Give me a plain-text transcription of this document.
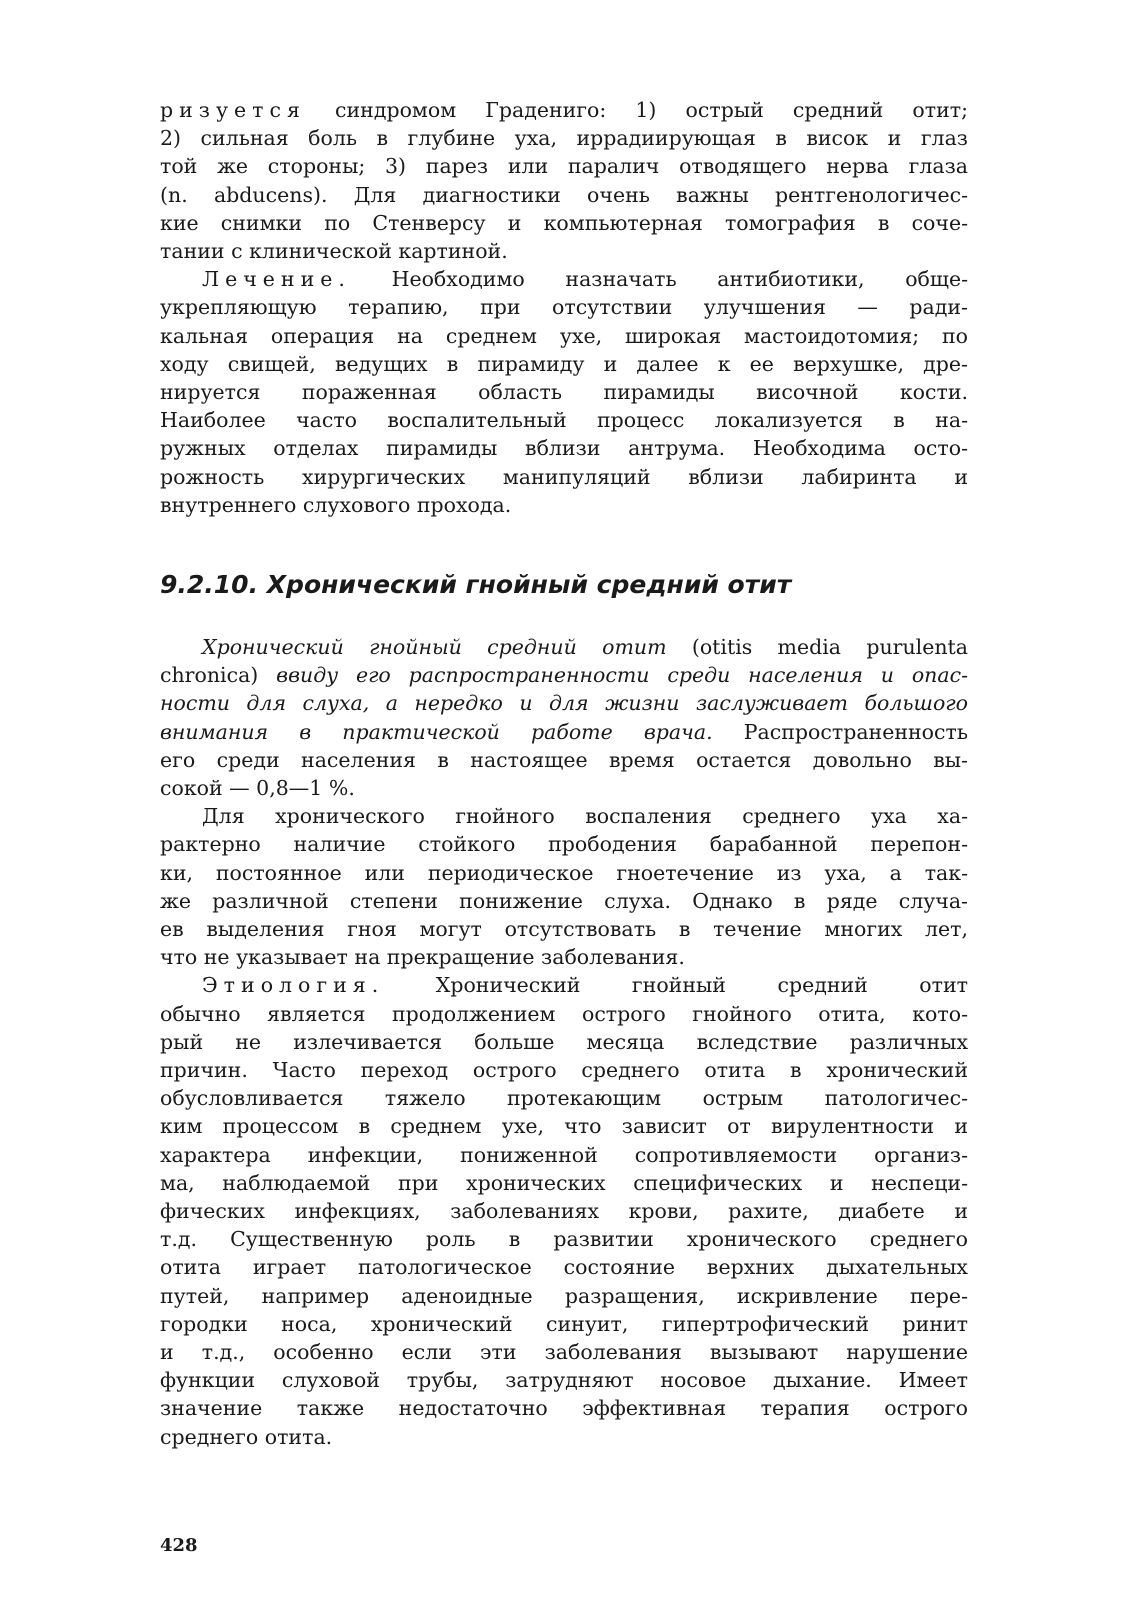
ризуется синдромом Градениго: 1) острый средний отит;
2) сильная боль в глубине уха, иррадиирующая в висок и глаз
той же стороны; 3) парез или паралич отводящего нерва глаза
(n. abducens). Для диагностики очень важны рентгенологичес-
кие снимки по Стенверсу и компьютерная томография в соче-
тании с клинической картиной.
Лечение. Необходимо назначать антибиотики, обще-
укрепляющую терапию, при отсутствии улучшения — ради-
кальная операция на среднем ухе, широкая мастоидотомия; по
ходу свищей, ведущих в пирамиду и далее к ее верхушке, дре-
нируется пораженная область пирамиды височной кости.
Наиболее часто воспалительный процесс локализуется в на-
ружных отделах пирамиды вблизи антрума. Необходима осто-
рожность хирургических манипуляций вблизи лабиринта и
внутреннего слухового прохода.
9.2.10. Хронический гнойный средний отит
Хронический гнойный средний отит (otitis media purulenta
chronica) ввиду его распространенности среди населения и опас-
ности для слуха, а нередко и для жизни заслуживает большого
внимания в практической работе врача. Распространенность
его среди населения в настоящее время остается довольно вы-
сокой — 0,8—1 %.
Для хронического гнойного воспаления среднего уха ха-
рактерно наличие стойкого прободения барабанной перепон-
ки, постоянное или периодическое гноетечение из уха, а так-
же различной степени понижение слуха. Однако в ряде случа-
ев выделения гноя могут отсутствовать в течение многих лет,
что не указывает на прекращение заболевания.
Этиология. Хронический гнойный средний отит
обычно является продолжением острого гнойного отита, кото-
рый не излечивается больше месяца вследствие различных
причин. Часто переход острого среднего отита в хронический
обусловливается тяжело протекающим острым патологичес-
ким процессом в среднем ухе, что зависит от вирулентности и
характера инфекции, пониженной сопротивляемости организ-
ма, наблюдаемой при хронических специфических и неспеци-
фических инфекциях, заболеваниях крови, рахите, диабете и
т.д. Существенную роль в развитии хронического среднего
отита играет патологическое состояние верхних дыхательных
путей, например аденоидные разращения, искривление пере-
городки носа, хронический синуит, гипертрофический ринит
и т.д., особенно если эти заболевания вызывают нарушение
функции слуховой трубы, затрудняют носовое дыхание. Имеет
значение также недостаточно эффективная терапия острого
среднего отита.
428
